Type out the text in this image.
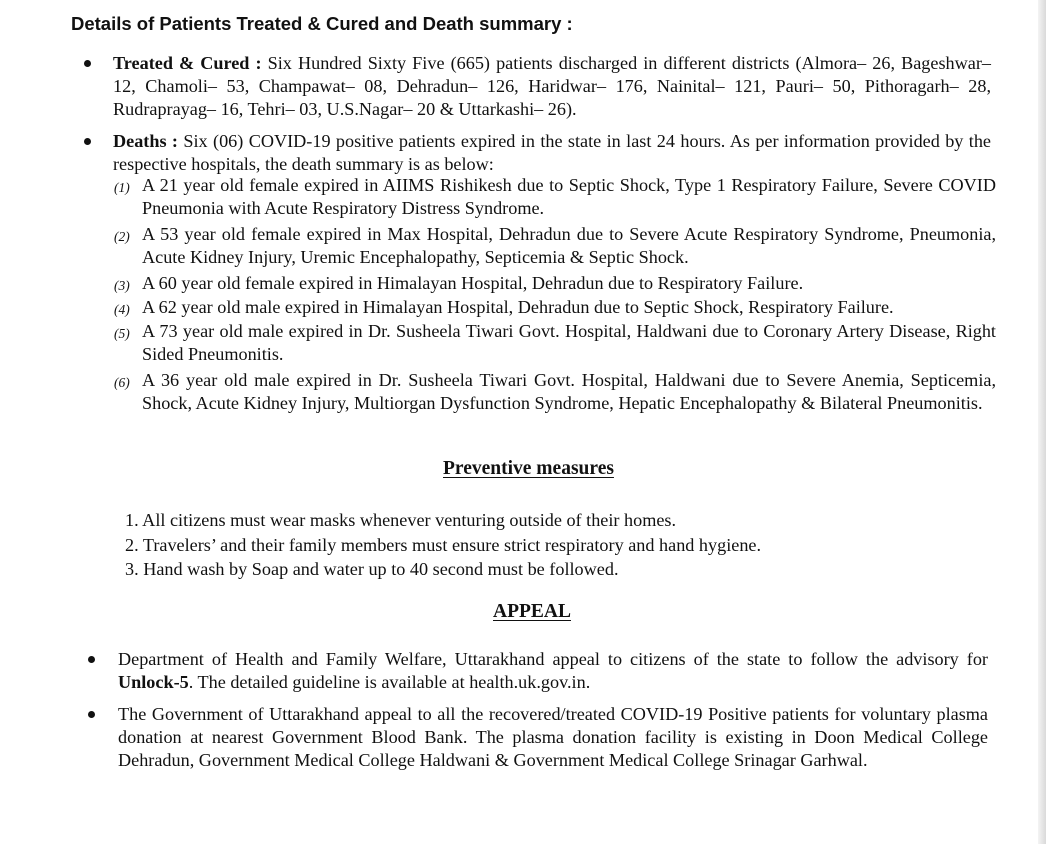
Details of Patients Treated & Cured and Death summary :
Treated & Cured : Six Hundred Sixty Five (665) patients discharged in different districts (Almora– 26, Bageshwar– 12, Chamoli– 53, Champawat– 08, Dehradun– 126, Haridwar– 176, Nainital– 121, Pauri– 50, Pithoragarh– 28, Rudraprayag– 16, Tehri– 03, U.S.Nagar– 20 & Uttarkashi– 26).
Deaths : Six (06) COVID-19 positive patients expired in the state in last 24 hours. As per information provided by the respective hospitals, the death summary is as below:
(1) A 21 year old female expired in AIIMS Rishikesh due to Septic Shock, Type 1 Respiratory Failure, Severe COVID Pneumonia with Acute Respiratory Distress Syndrome.
(2) A 53 year old female expired in Max Hospital, Dehradun due to Severe Acute Respiratory Syndrome, Pneumonia, Acute Kidney Injury, Uremic Encephalopathy, Septicemia & Septic Shock.
(3) A 60 year old female expired in Himalayan Hospital, Dehradun due to Respiratory Failure.
(4) A 62 year old male expired in Himalayan Hospital, Dehradun due to Septic Shock, Respiratory Failure.
(5) A 73 year old male expired in Dr. Susheela Tiwari Govt. Hospital, Haldwani due to Coronary Artery Disease, Right Sided Pneumonitis.
(6) A 36 year old male expired in Dr. Susheela Tiwari Govt. Hospital, Haldwani due to Severe Anemia, Septicemia, Shock, Acute Kidney Injury, Multiorgan Dysfunction Syndrome, Hepatic Encephalopathy & Bilateral Pneumonitis.
Preventive measures
1. All citizens must wear masks whenever venturing outside of their homes.
2. Travelers’ and their family members must ensure strict respiratory and hand hygiene.
3. Hand wash by Soap and water up to 40 second must be followed.
APPEAL
Department of Health and Family Welfare, Uttarakhand appeal to citizens of the state to follow the advisory for Unlock-5. The detailed guideline is available at health.uk.gov.in.
The Government of Uttarakhand appeal to all the recovered/treated COVID-19 Positive patients for voluntary plasma donation at nearest Government Blood Bank. The plasma donation facility is existing in Doon Medical College Dehradun, Government Medical College Haldwani & Government Medical College Srinagar Garhwal.
